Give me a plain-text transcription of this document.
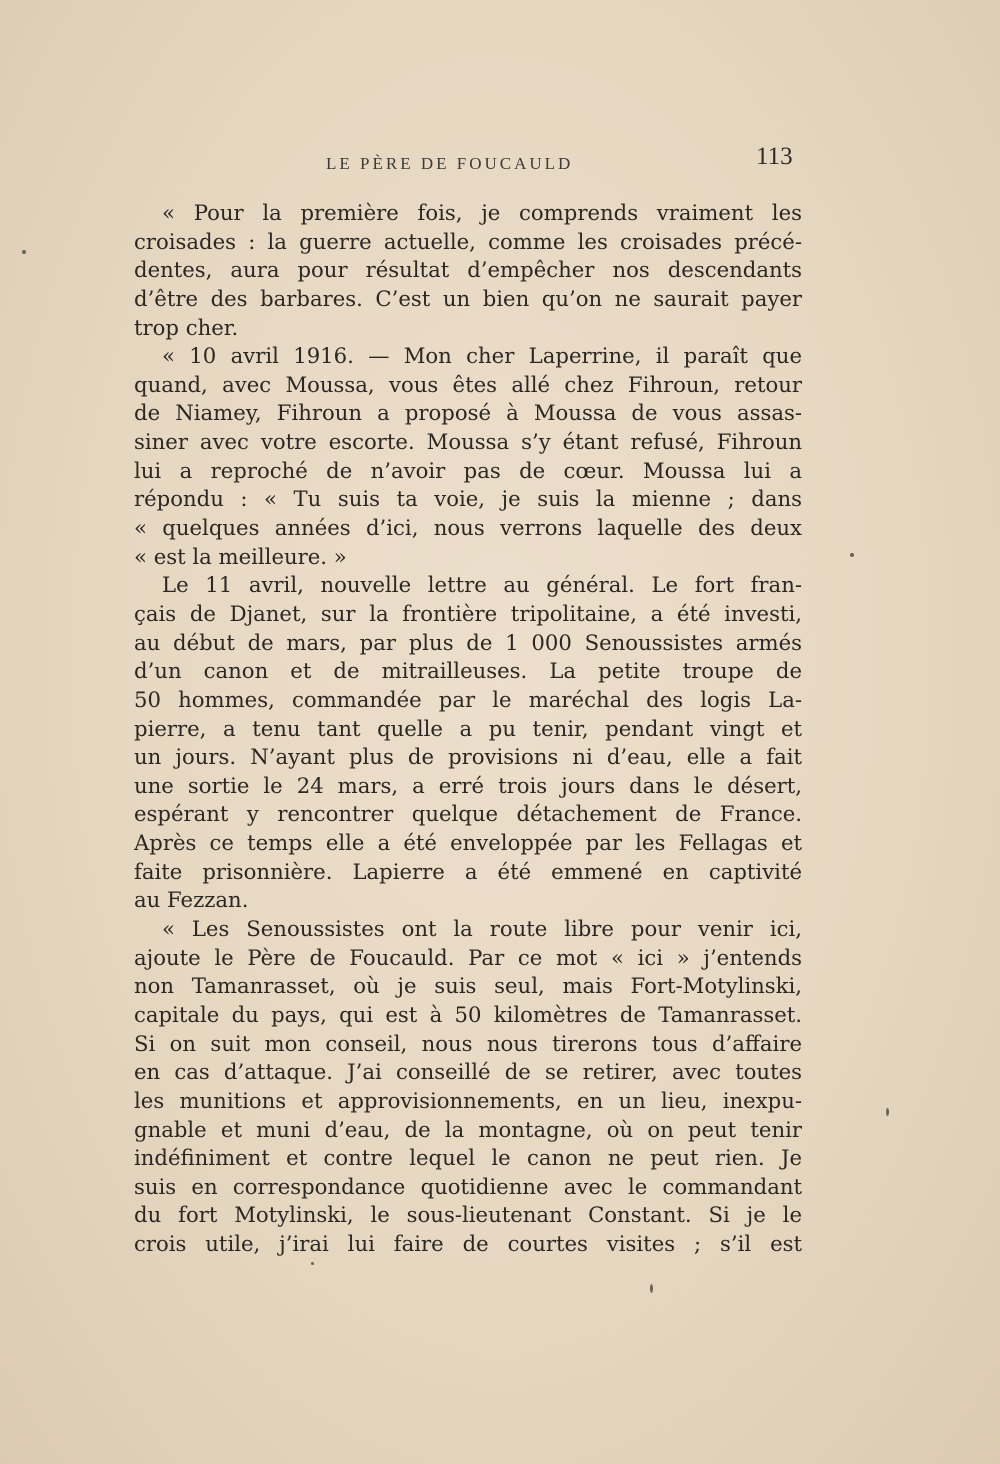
LE PÈRE DE FOUCAULD	113
« Pour la première fois, je comprends vraiment les
croisades : la guerre actuelle, comme les croisades précé-
dentes, aura pour résultat d’empêcher nos descendants
d’être des barbares. C’est un bien qu’on ne saurait payer
trop cher.
« 10 avril 1916. — Mon cher Laperrine, il paraît que
quand, avec Moussa, vous êtes allé chez Fihroun, retour
de Niamey, Fihroun a proposé à Moussa de vous assas-
siner avec votre escorte. Moussa s’y étant refusé, Fihroun
lui a reproché de n’avoir pas de cœur. Moussa lui a
répondu : « Tu suis ta voie, je suis la mienne ; dans
« quelques années d’ici, nous verrons laquelle des deux
« est la meilleure. »
Le 11 avril, nouvelle lettre au général. Le fort fran-
çais de Djanet, sur la frontière tripolitaine, a été investi,
au début de mars, par plus de 1 000 Senoussistes armés
d’un canon et de mitrailleuses. La petite troupe de
50 hommes, commandée par le maréchal des logis La-
pierre, a tenu tant quelle a pu tenir, pendant vingt et
un jours. N’ayant plus de provisions ni d’eau, elle a fait
une sortie le 24 mars, a erré trois jours dans le désert,
espérant y rencontrer quelque détachement de France.
Après ce temps elle a été enveloppée par les Fellagas et
faite prisonnière. Lapierre a été emmené en captivité
au Fezzan.
« Les Senoussistes ont la route libre pour venir ici,
ajoute le Père de Foucauld. Par ce mot « ici » j’entends
non Tamanrasset, où je suis seul, mais Fort-Motylinski,
capitale du pays, qui est à 50 kilomètres de Tamanrasset.
Si on suit mon conseil, nous nous tirerons tous d’affaire
en cas d’attaque. J’ai conseillé de se retirer, avec toutes
les munitions et approvisionnements, en un lieu, inexpu-
gnable et muni d’eau, de la montagne, où on peut tenir
indéfiniment et contre lequel le canon ne peut rien. Je
suis en correspondance quotidienne avec le commandant
du fort Motylinski, le sous-lieutenant Constant. Si je le
crois utile, j’irai lui faire de courtes visites ; s’il est
